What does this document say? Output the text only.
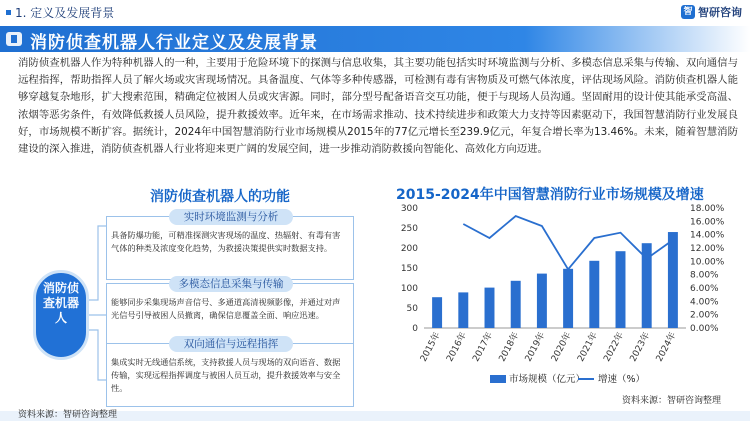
1. 定义及发展背景	智 智研咨询
消防侦查机器人行业定义及发展背景

消防侦查机器人作为特种机器人的一种，主要用于危险环境下的探测与信息收集，其主要功能包括实时环境监测与分析、多模态信息采集与传输、双向通信与远程指挥，帮助指挥人员了解火场或灾害现场情况。具备温度、气体等多种传感器，可检测有毒有害物质及可燃气体浓度，评估现场风险。消防侦查机器人能够穿越复杂地形，扩大搜索范围，精确定位被困人员或灾害源。同时，部分型号配备语音交互功能，便于与现场人员沟通。坚固耐用的设计使其能承受高温、浓烟等恶劣条件，有效降低救援人员风险，提升救援效率。近年来，在市场需求推动、技术持续进步和政策大力支持等因素驱动下，我国智慧消防行业发展良好，市场规模不断扩容。据统计，2024年中国智慧消防行业市场规模从2015年的77亿元增长至239.9亿元，年复合增长率为13.46%。未来，随着智慧消防建设的深入推进，消防侦查机器人行业将迎来更广阔的发展空间，进一步推动消防救援向智能化、高效化方向迈进。

消防侦查机器人的功能
消防侦查机器人
实时环境监测与分析
具备防爆功能，可精准探测灾害现场的温度、热辐射、有毒有害气体的种类及浓度变化趋势，为救援决策提供实时数据支持。
多模态信息采集与传输
能够同步采集现场声音信号、多通道高清视频影像，并通过对声光信号引导被困人员撤离，确保信息覆盖全面、响应迅速。
双向通信与远程指挥
集成实时无线通信系统，支持救援人员与现场的双向语音、数据传输，实现远程指挥调度与被困人员互动，提升救援效率与安全性。
2015-2024年中国智慧消防行业市场规模及增速
0
50
100
150
200
250
300
0.00%
2.00%
4.00%
6.00%
8.00%
10.00%
12.00%
14.00%
16.00%
18.00%
2015年 2016年 2017年 2018年 2019年 2020年 2021年 2022年 2023年 2024年
市场规模（亿元） 增速（%）
资料来源：智研咨询整理
资料来源：智研咨询整理
